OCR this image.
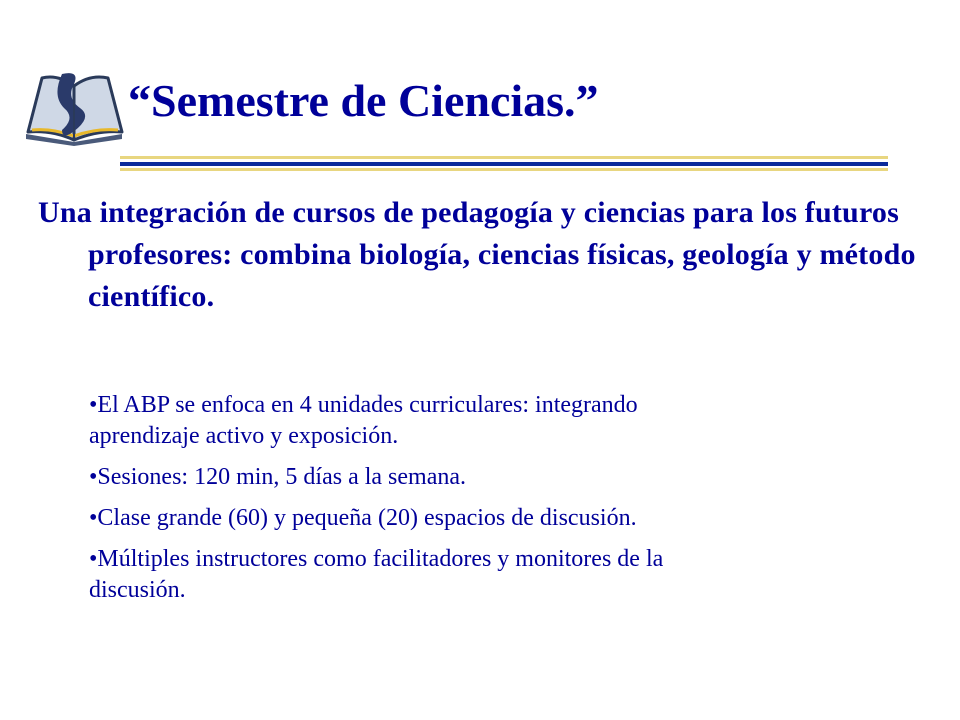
“Semestre de Ciencias.”

Una integración de cursos de pedagogía y ciencias para los futuros profesores: combina biología, ciencias físicas, geología y método científico.

•El ABP se enfoca en 4 unidades curriculares: integrando aprendizaje activo y exposición.
•Sesiones: 120 min, 5 días a la semana.
•Clase grande (60) y pequeña (20) espacios de discusión.
•Múltiples instructores como facilitadores y monitores de la discusión.
